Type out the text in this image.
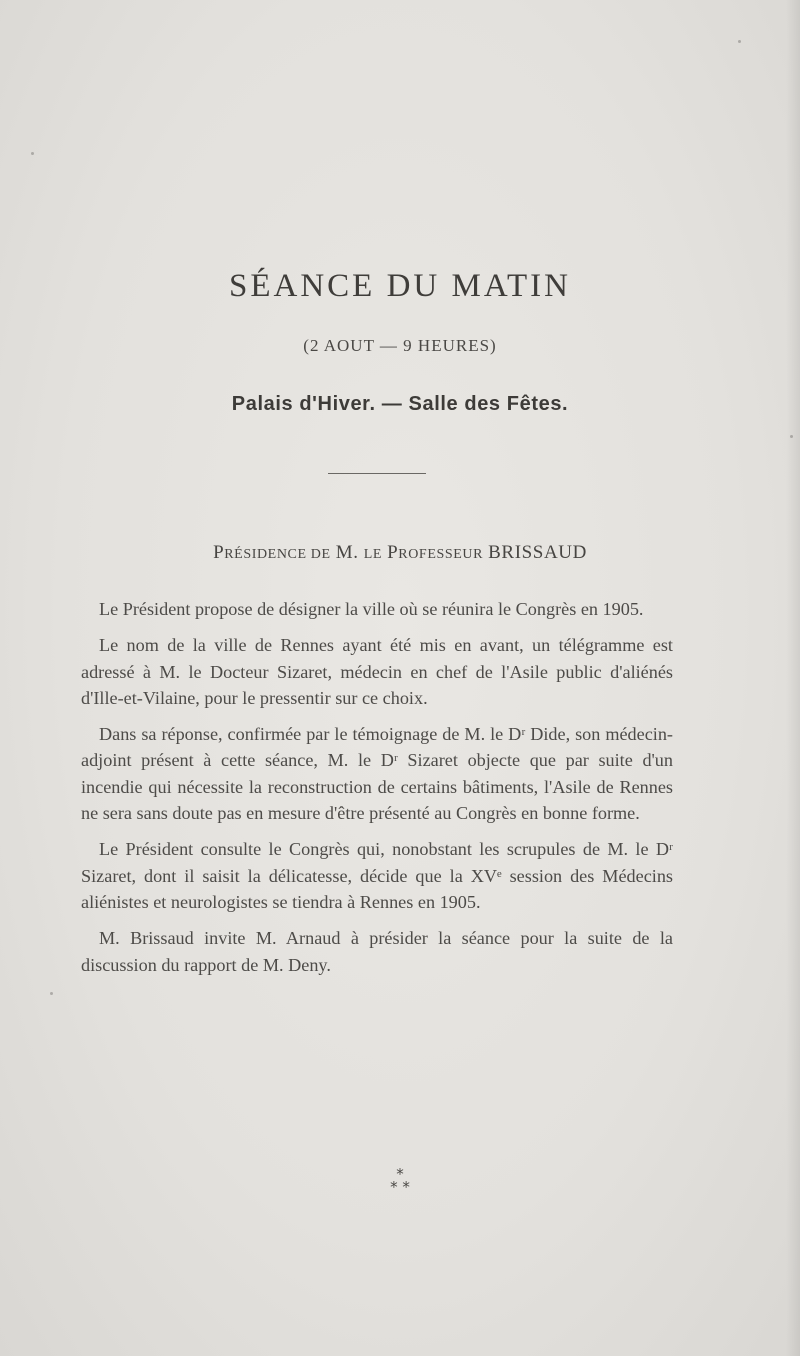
SÉANCE DU MATIN
(2 AOUT — 9 HEURES)
Palais d'Hiver. — Salle des Fêtes.
PRÉSIDENCE DE M. LE PROFESSEUR BRISSAUD

Le Président propose de désigner la ville où se réunira le Congrès en 1905.

Le nom de la ville de Rennes ayant été mis en avant, un télégramme est adressé à M. le Docteur Sizaret, médecin en chef de l'Asile public d'aliénés d'Ille-et-Vilaine, pour le pressentir sur ce choix.

Dans sa réponse, confirmée par le témoignage de M. le Dʳ Dide, son médecin-adjoint présent à cette séance, M. le Dʳ Sizaret objecte que par suite d'un incendie qui nécessite la reconstruction de certains bâtiments, l'Asile de Rennes ne sera sans doute pas en mesure d'être présenté au Congrès en bonne forme.

Le Président consulte le Congrès qui, nonobstant les scrupules de M. le Dʳ Sizaret, dont il saisit la délicatesse, décide que la XVᵉ session des Médecins aliénistes et neurologistes se tiendra à Rennes en 1905.

M. Brissaud invite M. Arnaud à présider la séance pour la suite de la discussion du rapport de M. Deny.

*
* *
